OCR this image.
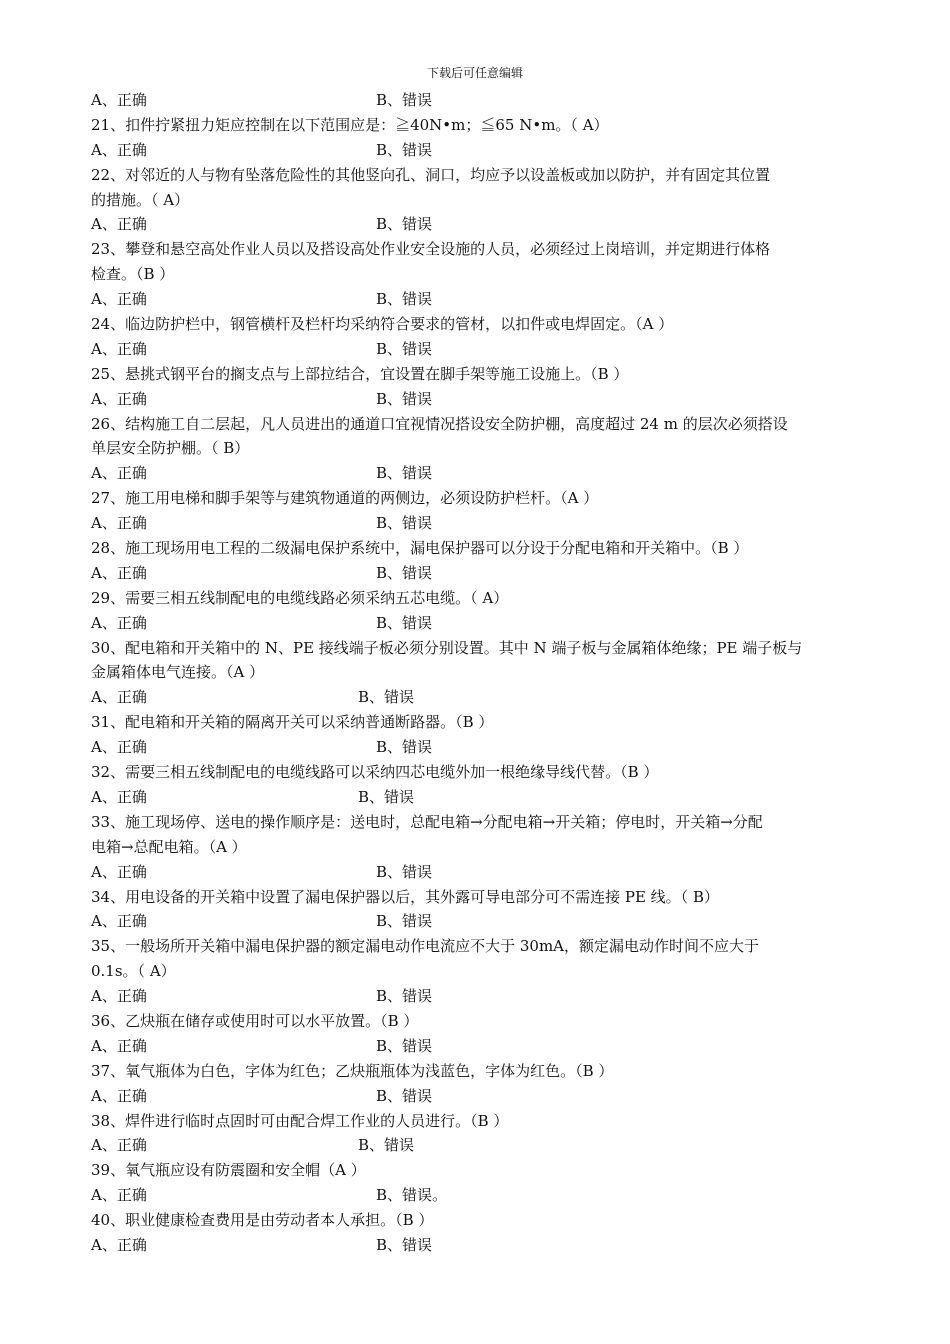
下载后可任意编辑
A、正确	B、错误
21、扣件拧紧扭力矩应控制在以下范围应是：≧40N•m；≦65 N•m。（ A）
A、正确	B、错误
22、对邻近的人与物有坠落危险性的其他竖向孔、洞口，均应予以设盖板或加以防护，并有固定其位置
的措施。（ A）
A、正确	B、错误
23、攀登和悬空高处作业人员以及搭设高处作业安全设施的人员，必须经过上岗培训，并定期进行体格
检查。（B ）
A、正确	B、错误
24、临边防护栏中，钢管横杆及栏杆均采纳符合要求的管材，以扣件或电焊固定。（A ）
A、正确	B、错误
25、悬挑式钢平台的搁支点与上部拉结合，宜设置在脚手架等施工设施上。（B ）
A、正确	B、错误
26、结构施工自二层起，凡人员进出的通道口宜视情况搭设安全防护棚，高度超过 24 m 的层次必须搭设
单层安全防护棚。（ B）
A、正确	B、错误
27、施工用电梯和脚手架等与建筑物通道的两侧边，必须设防护栏杆。（A ）
A、正确	B、错误
28、施工现场用电工程的二级漏电保护系统中，漏电保护器可以分设于分配电箱和开关箱中。（B ）
A、正确	B、错误
29、需要三相五线制配电的电缆线路必须采纳五芯电缆。（ A）
A、正确	B、错误
30、配电箱和开关箱中的 N、PE 接线端子板必须分别设置。其中 N 端子板与金属箱体绝缘；PE 端子板与
金属箱体电气连接。（A ）
A、正确	B、错误
31、配电箱和开关箱的隔离开关可以采纳普通断路器。（B ）
A、正确	B、错误
32、需要三相五线制配电的电缆线路可以采纳四芯电缆外加一根绝缘导线代替。（B ）
A、正确	B、错误
33、施工现场停、送电的操作顺序是：送电时，总配电箱→分配电箱→开关箱；停电时，开关箱→分配
电箱→总配电箱。（A ）
A、正确	B、错误
34、用电设备的开关箱中设置了漏电保护器以后，其外露可导电部分可不需连接 PE 线。（ B）
A、正确	B、错误
35、一般场所开关箱中漏电保护器的额定漏电动作电流应不大于 30mA，额定漏电动作时间不应大于
0.1s。（ A）
A、正确	B、错误
36、乙炔瓶在储存或使用时可以水平放置。（B ）
A、正确	B、错误
37、氧气瓶体为白色，字体为红色；乙炔瓶瓶体为浅蓝色，字体为红色。（B ）
A、正确	B、错误
38、焊件进行临时点固时可由配合焊工作业的人员进行。（B ）
A、正确	B、错误
39、氧气瓶应设有防震圈和安全帽（A ）
A、正确	B、错误。
40、职业健康检查费用是由劳动者本人承担。（B ）
A、正确	B、错误
